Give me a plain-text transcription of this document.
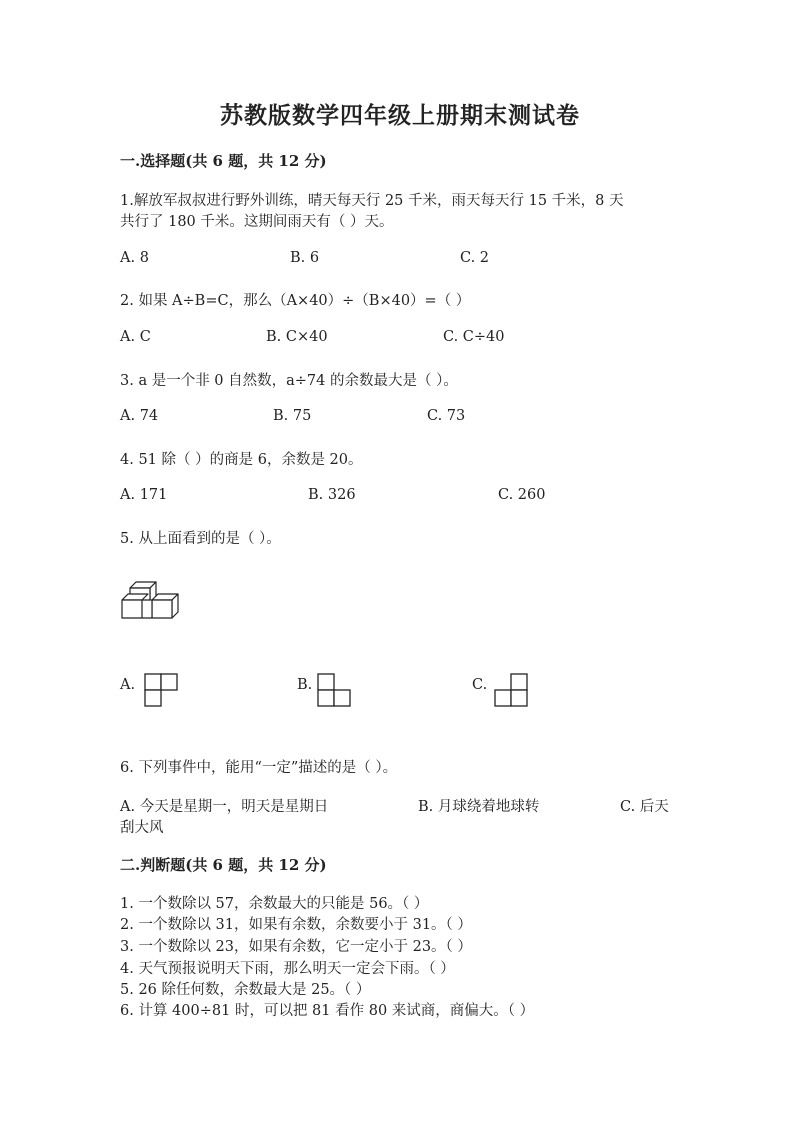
苏教版数学四年级上册期末测试卷
一.选择题(共 6 题，共 12 分)
1.解放军叔叔进行野外训练，晴天每天行 25 千米，雨天每天行 15 千米，8 天
共行了 180 千米。这期间雨天有（ ）天。
A. 8	B. 6	C. 2
2. 如果 A÷B=C，那么（A×40）÷（B×40）=（ ）
A. C	B. C×40	C. C÷40
3. a 是一个非 0 自然数，a÷74 的余数最大是（ ）。
A. 74	B. 75	C. 73
4. 51 除（ ）的商是 6，余数是 20。
A. 171	B. 326	C. 260
5. 从上面看到的是（ ）。
A.	B.	C.
6. 下列事件中，能用“一定”描述的是（ ）。
A. 今天是星期一，明天是星期日	B. 月球绕着地球转	C. 后天
刮大风
二.判断题(共 6 题，共 12 分)
1. 一个数除以 57，余数最大的只能是 56。（ ）
2. 一个数除以 31，如果有余数，余数要小于 31。（ ）
3. 一个数除以 23，如果有余数，它一定小于 23。（ ）
4. 天气预报说明天下雨，那么明天一定会下雨。（ ）
5. 26 除任何数，余数最大是 25。（ ）
6. 计算 400÷81 时，可以把 81 看作 80 来试商，商偏大。（ ）
